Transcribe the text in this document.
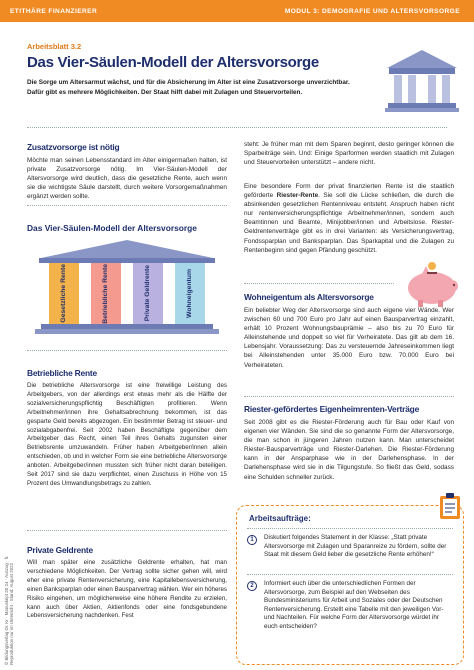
ETITHÄRE FINANZIERER	MODUL 3: DEMOGRAFIE UND ALTERSVORSORGE
Arbeitsblatt 3.2
Das Vier-Säulen-Modell der Altersvorsorge
Die Sorge um Altersarmut wächst, und für die Absicherung im Alter ist eine Zusatzvorsorge unverzichtbar. Dafür gibt es mehrere Möglichkeiten. Der Staat hilft dabei mit Zulagen und Steuervorteilen.
Zusatzvorsorge ist nötig
Möchte man seinen Lebensstandard im Alter einigermaßen halten, ist private Zusatzvorsorge nötig. Im Vier-Säulen-Modell der Altersvorsorge wird deutlich, dass die gesetzliche Rente, auch wenn sie die wichtigste Säule darstellt, durch weitere Vorsorgemaßnahmen ergänzt werden sollte.
Das Vier-Säulen-Modell der Altersvorsorge
Gesetzliche Rente	Betriebliche Rente	Private Geldrente	Wohneigentum
Betriebliche Rente
Die betriebliche Altersvorsorge ist eine freiwillige Leistung des Arbeitgebers, von der allerdings erst etwas mehr als die Hälfte der sozialversicherungspflichtig Beschäftigten profitieren. Wenn Arbeitnehmer/innen ihre Gehaltsabrechnung bekommen, ist das gesparte Geld bereits abgezogen. Ein bestimmter Betrag ist steuer- und sozialabgabenfrei. Seit 2002 haben Beschäftigte gegenüber dem Arbeitgeber das Recht, einen Teil ihres Gehalts zugunsten einer Betriebsrente umzuwandeln. Früher haben Arbeitgeber/innen allein entschieden, ob und in welcher Form sie eine betriebliche Altersvorsorge anboten. Arbeitgeber/innen mussten sich früher nicht daran beteiligen. Seit 2017 sind sie dazu verpflichtet, einen Zuschuss in Höhe von 15 Prozent des Umwandlungsbetrags zu zahlen.
Private Geldrente
Will man später eine zusätzliche Geldrente erhalten, hat man verschiedene Möglichkeiten. Der Vertrag sollte sicher gehen will, wird eher eine private Rentenversicherung, eine Kapitallebensversicherung, einen Banksparplan oder einen Bausparvertrag wählen. Wer ein höheres Risiko eingehen, um möglicherweise eine höhere Rendite zu erzielen, kann auch über Aktien, Aktienfonds oder eine fondsgebundene Lebensversicherung nachdenken. Fest
steht: Je früher man mit dem Sparen beginnt, desto geringer können die Sparbeiträge sein. Und: Einige Sparformen werden staatlich mit Zulagen und Steuervorteilen unterstützt – andere nicht.
Eine besondere Form der privat finanzierten Rente ist die staatlich geförderte Riester-Rente. Sie soll die Lücke schließen, die durch die absinkenden gesetzlichen Rentenniveau entsteht. Anspruch haben nicht nur rentenversicherungspflichtige Arbeitnehmer/innen, sondern auch Beamtinnen und Beamte, Minijobber/innen und Arbeitslose. Riester-Geldrentenverträge gibt es in drei Varianten: als Versicherungsvertrag, Fondssparplan und Banksparplan. Das Sparkapital und die Zulagen zu Rentenbeginn sind gegen Pfändung geschützt.
Wohneigentum als Altersvorsorge
Ein beliebter Weg der Altersvorsorge sind auch eigene vier Wände. Wer zwischen 60 und 700 Euro pro Jahr auf einen Bausparvertrag einzahlt, erhält 10 Prozent Wohnungsbauprämie – also bis zu 70 Euro für Alleinstehende und doppelt so viel für Verheiratete. Das gilt ab dem 16. Lebensjahr. Voraussetzung: Das zu versteuernde Jahreseinkommen liegt bei Alleinstehenden unter 35.000 Euro bzw. 70.000 Euro bei Verheirateten.
Riester-gefördertes Eigenheimrenten-Verträge
Seit 2008 gibt es die Riester-Förderung auch für Bau oder Kauf von eigenen vier Wänden. Sie sind die so genannte Form der Altersvorsorge, die man schon in jüngeren Jahren nutzen kann. Man unterscheidet Riester-Bausparverträge und Riester-Darlehen. Die Riester-Förderung kann in der Ansparphase wie in der Darlehensphase. In der Darlehensphase wird sie in die Tilgungstufe. So fließt das Geld, sodass eine Schulden schneller zurück.
Arbeitsaufträge:
1	Diskutiert folgendes Statement in der Klasse: „Statt private Altersvorsorge mit Zulagen und Sparanreize zu fördern, sollte der Staat mit diesem Geld lieber die gesetzliche Rente erhöhen!“
2	Informiert euch über die unterschiedlichen Formen der Altersvorsorge, zum Beispiel auf den Webseiten des Bundesministeriums für Arbeit und Soziales oder der Deutschen Rentenversicherung. Erstellt eine Tabelle mit den jeweiligen Vor- und Nachteilen. Für welche Form der Altersvorsorge würdet ihr euch entscheiden?
© Bildungsverlag Dr. Kr · Manuskript 20·24 · Auszug · fr. Reproduktion nur im Unterricht · Stand: August 2022
